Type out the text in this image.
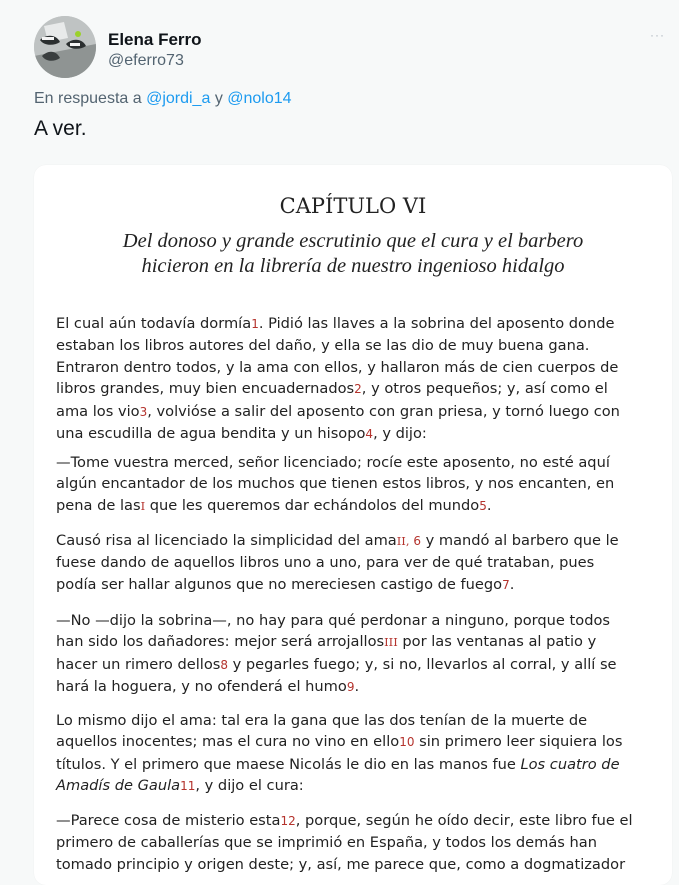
Elena Ferro
@eferro73
···
En respuesta a @jordi_a y @nolo14
A ver.
CAPÍTULO VI
Del donoso y grande escrutinio que el cura y el barbero
hicieron en la librería de nuestro ingenioso hidalgo

El cual aún todavía dormía1. Pidió las llaves a la sobrina del aposento donde
estaban los libros autores del daño, y ella se las dio de muy buena gana.
Entraron dentro todos, y la ama con ellos, y hallaron más de cien cuerpos de
libros grandes, muy bien encuadernados2, y otros pequeños; y, así como el
ama los vio3, volvióse a salir del aposento con gran priesa, y tornó luego con
una escudilla de agua bendita y un hisopo4, y dijo:

—Tome vuestra merced, señor licenciado; rocíe este aposento, no esté aquí
algún encantador de los muchos que tienen estos libros, y nos encanten, en
pena de lasI que les queremos dar echándolos del mundo5.

Causó risa al licenciado la simplicidad del amaII, 6 y mandó al barbero que le
fuese dando de aquellos libros uno a uno, para ver de qué trataban, pues
podía ser hallar algunos que no mereciesen castigo de fuego7.

—No —dijo la sobrina—, no hay para qué perdonar a ninguno, porque todos
han sido los dañadores: mejor será arrojallosIII por las ventanas al patio y
hacer un rimero dellos8 y pegarles fuego; y, si no, llevarlos al corral, y allí se
hará la hoguera, y no ofenderá el humo9.

Lo mismo dijo el ama: tal era la gana que las dos tenían de la muerte de
aquellos inocentes; mas el cura no vino en ello10 sin primero leer siquiera los
títulos. Y el primero que maese Nicolás le dio en las manos fue Los cuatro de
Amadís de Gaula11, y dijo el cura:

—Parece cosa de misterio esta12, porque, según he oído decir, este libro fue el
primero de caballerías que se imprimió en España, y todos los demás han
tomado principio y origen deste; y, así, me parece que, como a dogmatizador
